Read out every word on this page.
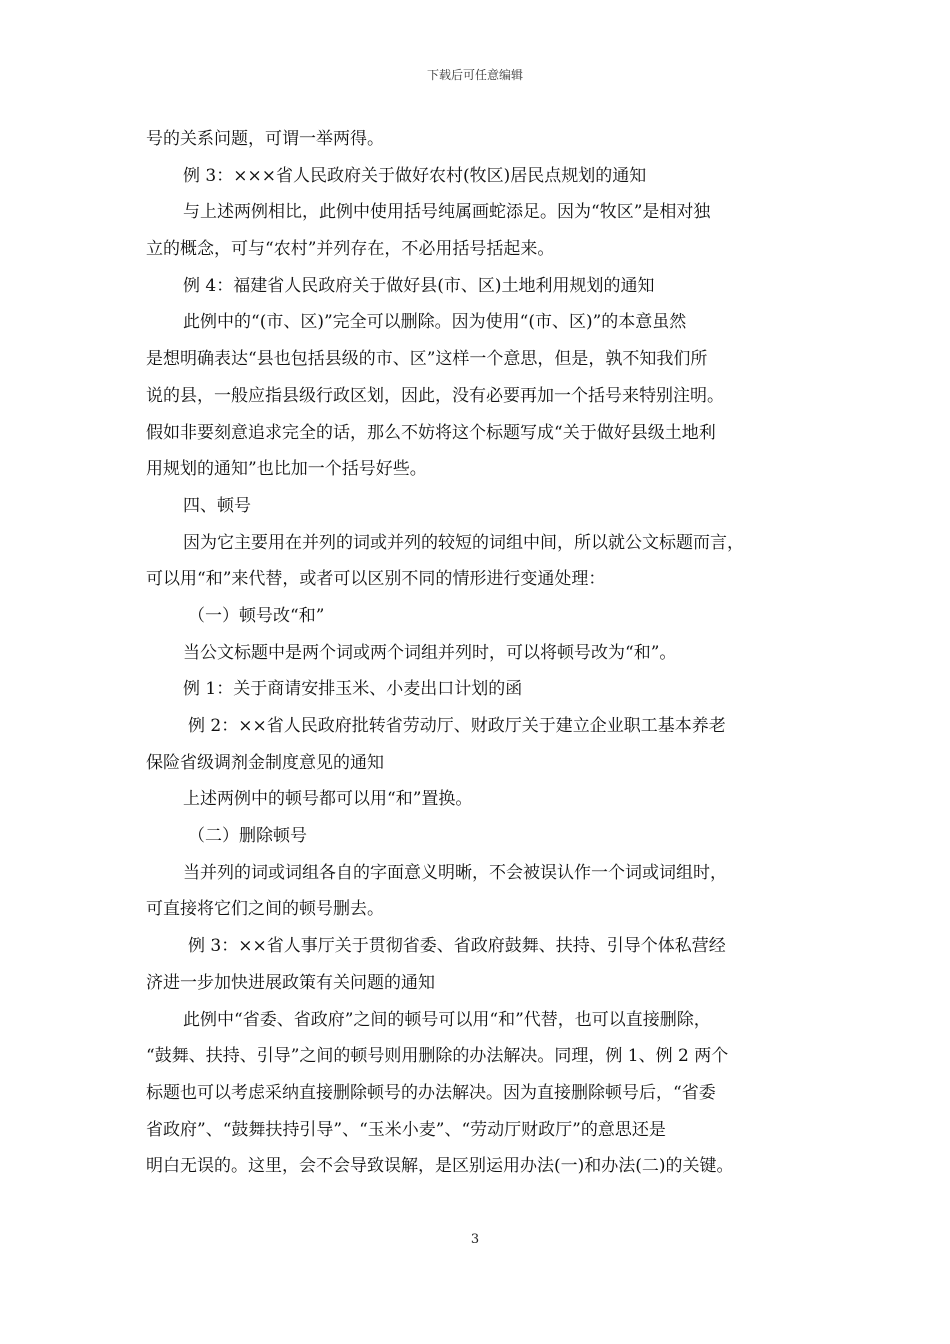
下载后可任意编辑
号的关系问题，可谓一举两得。
例 3：×××省人民政府关于做好农村(牧区)居民点规划的通知
与上述两例相比，此例中使用括号纯属画蛇添足。因为“牧区”是相对独
立的概念，可与“农村”并列存在，不必用括号括起来。
例 4：福建省人民政府关于做好县(市、区)土地利用规划的通知
此例中的“(市、区)”完全可以删除。因为使用“(市、区)”的本意虽然
是想明确表达“县也包括县级的市、区”这样一个意思，但是，孰不知我们所
说的县，一般应指县级行政区划，因此，没有必要再加一个括号来特别注明。
假如非要刻意追求完全的话，那么不妨将这个标题写成“关于做好县级土地利
用规划的通知”也比加一个括号好些。
四、顿号
因为它主要用在并列的词或并列的较短的词组中间，所以就公文标题而言，
可以用“和”来代替，或者可以区别不同的情形进行变通处理：
（一）顿号改“和”
当公文标题中是两个词或两个词组并列时，可以将顿号改为“和”。
例 1：关于商请安排玉米、小麦出口计划的函
例 2：××省人民政府批转省劳动厅、财政厅关于建立企业职工基本养老
保险省级调剂金制度意见的通知
上述两例中的顿号都可以用“和”置换。
（二）删除顿号
当并列的词或词组各自的字面意义明晰，不会被误认作一个词或词组时，
可直接将它们之间的顿号删去。
例 3：××省人事厅关于贯彻省委、省政府鼓舞、扶持、引导个体私营经
济进一步加快进展政策有关问题的通知
此例中“省委、省政府”之间的顿号可以用“和”代替，也可以直接删除，
“鼓舞、扶持、引导”之间的顿号则用删除的办法解决。同理，例 1、例 2 两个
标题也可以考虑采纳直接删除顿号的办法解决。因为直接删除顿号后，“省委
省政府”、“鼓舞扶持引导”、“玉米小麦”、“劳动厅财政厅”的意思还是
明白无误的。这里，会不会导致误解，是区别运用办法(一)和办法(二)的关键。
3
